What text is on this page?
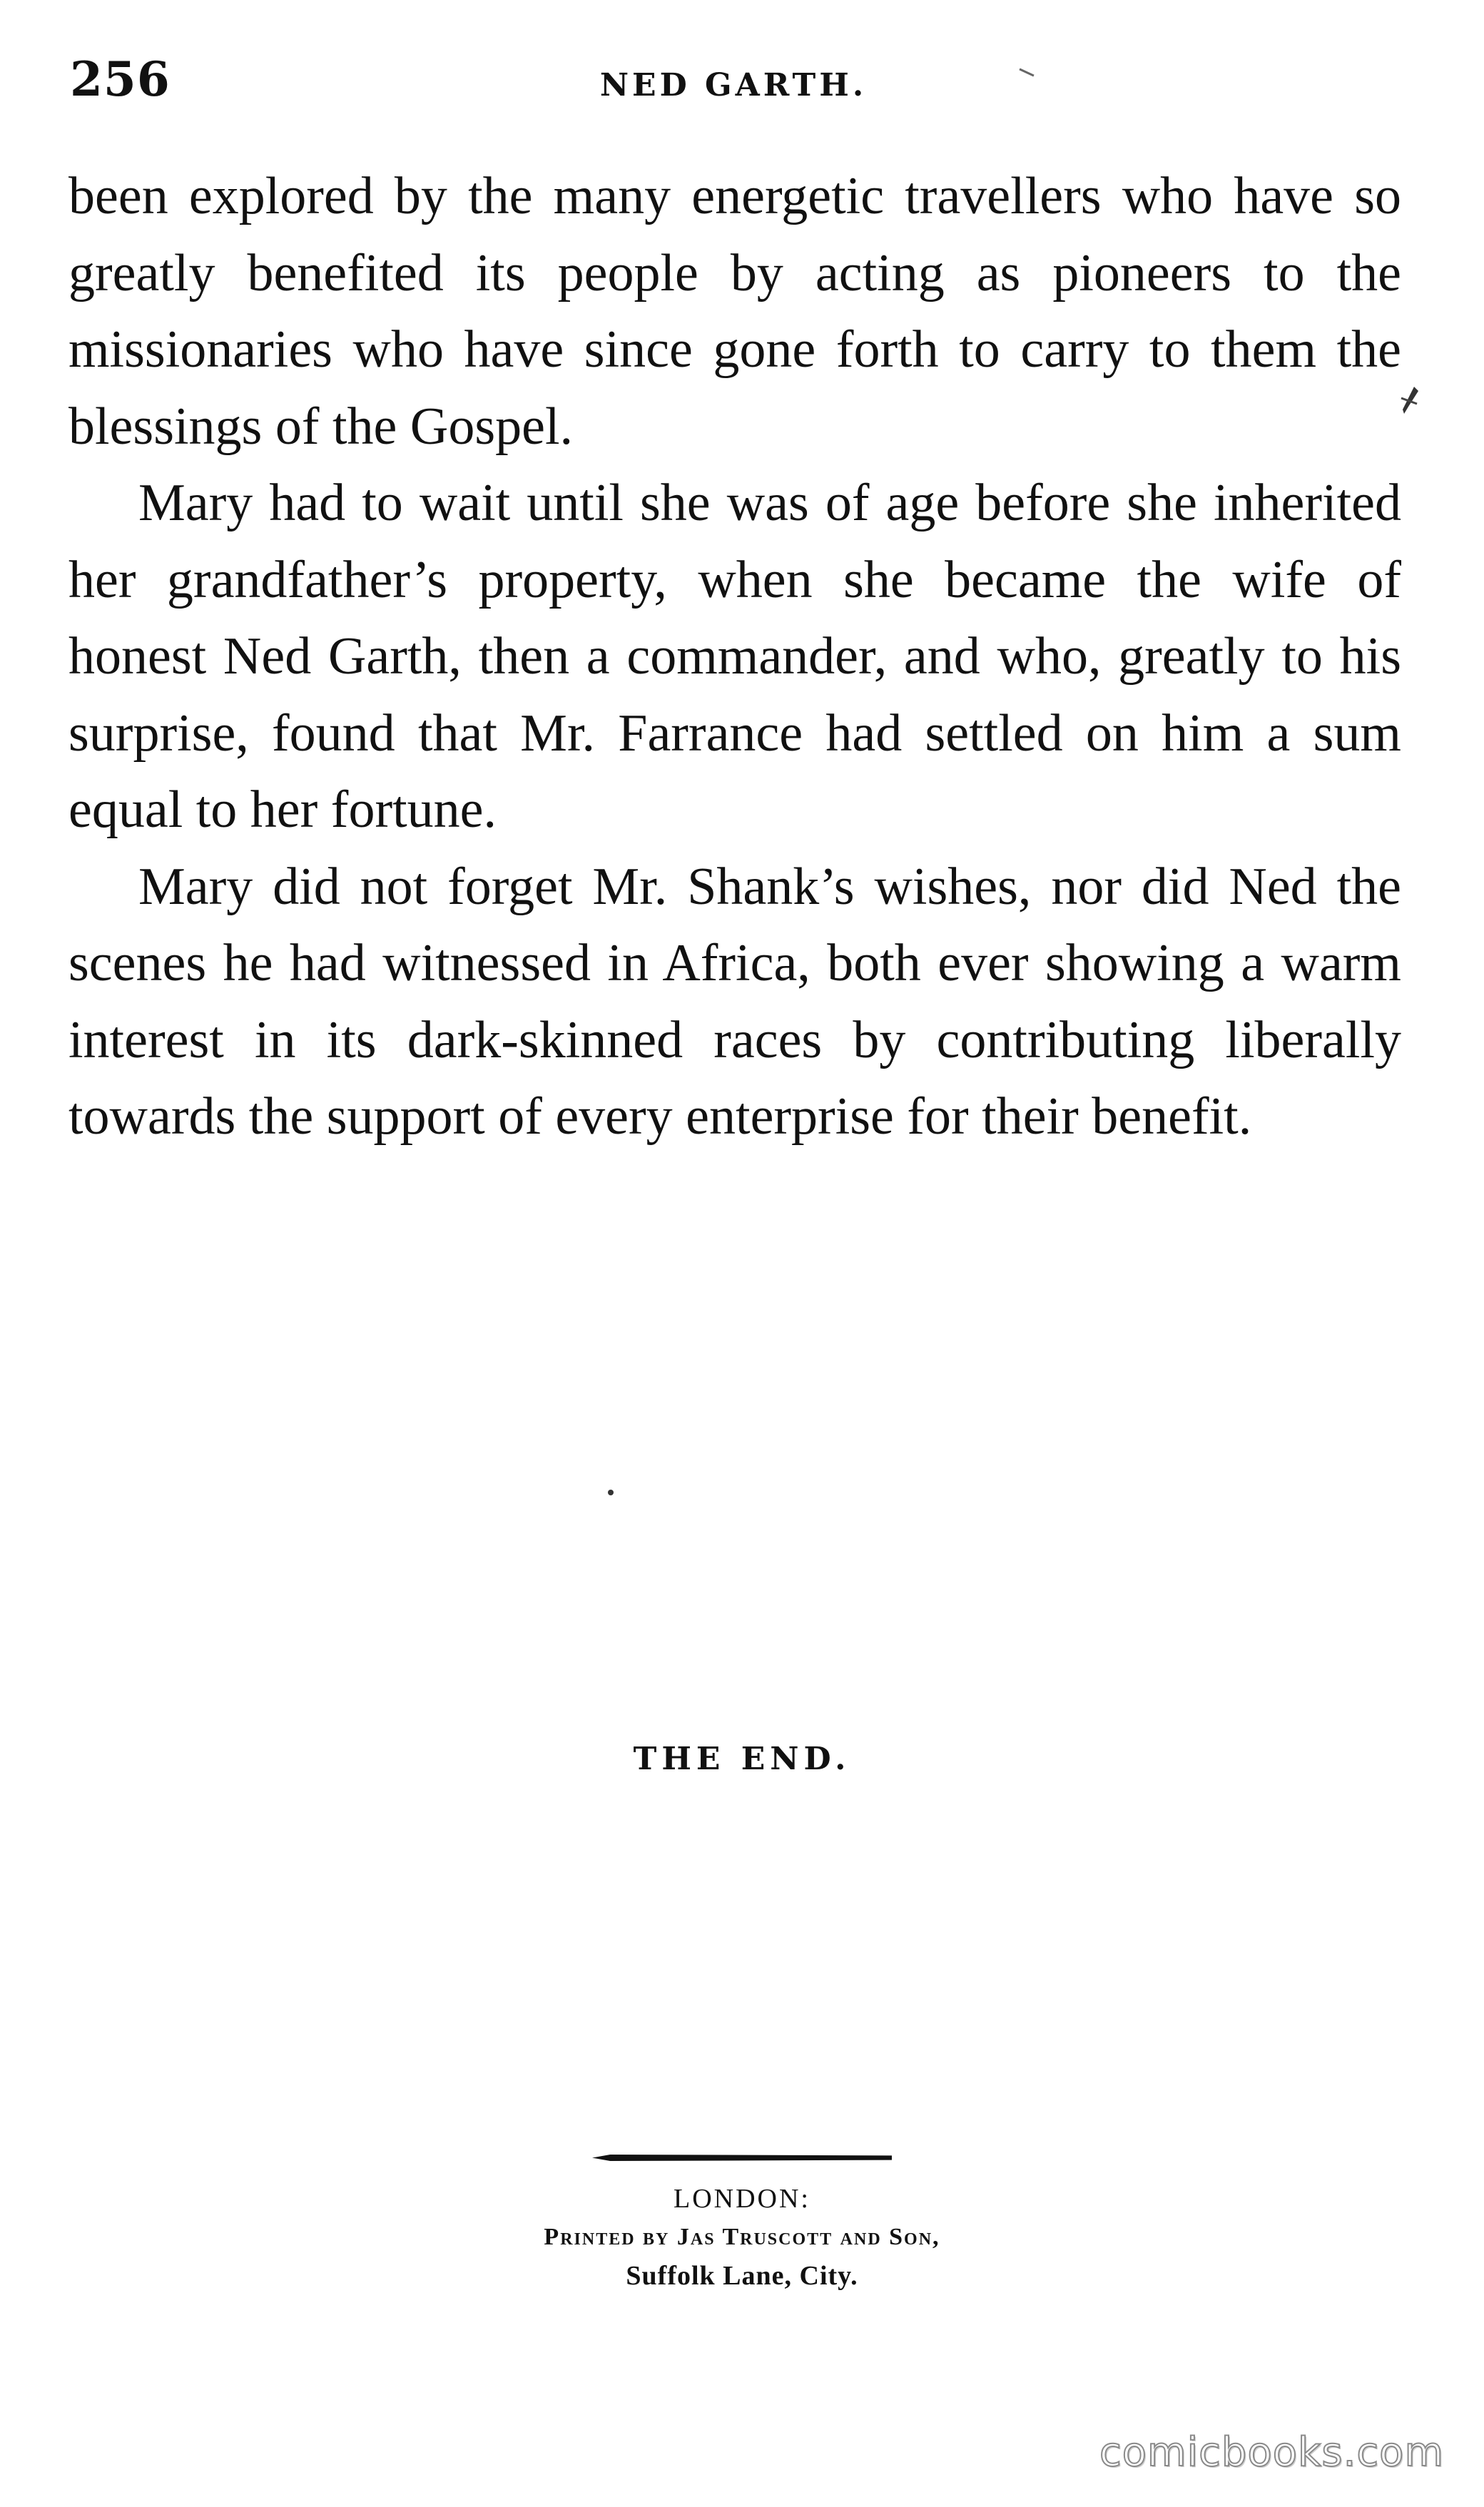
256	NED GARTH.

been explored by the many energetic travellers who have so greatly benefited its people by acting as pioneers to the missionaries who have since gone forth to carry to them the blessings of the Gospel.

Mary had to wait until she was of age before she inherited her grandfather’s property, when she became the wife of honest Ned Garth, then a commander, and who, greatly to his surprise, found that Mr. Farrance had settled on him a sum equal to her fortune.

Mary did not forget Mr. Shank’s wishes, nor did Ned the scenes he had witnessed in Africa, both ever showing a warm interest in its dark-skinned races by contributing liberally towards the support of every enterprise for their benefit.

THE END.
LONDON:
Printed by Jas Truscott and Son,
Suffolk Lane, City.
comicbooks.com
